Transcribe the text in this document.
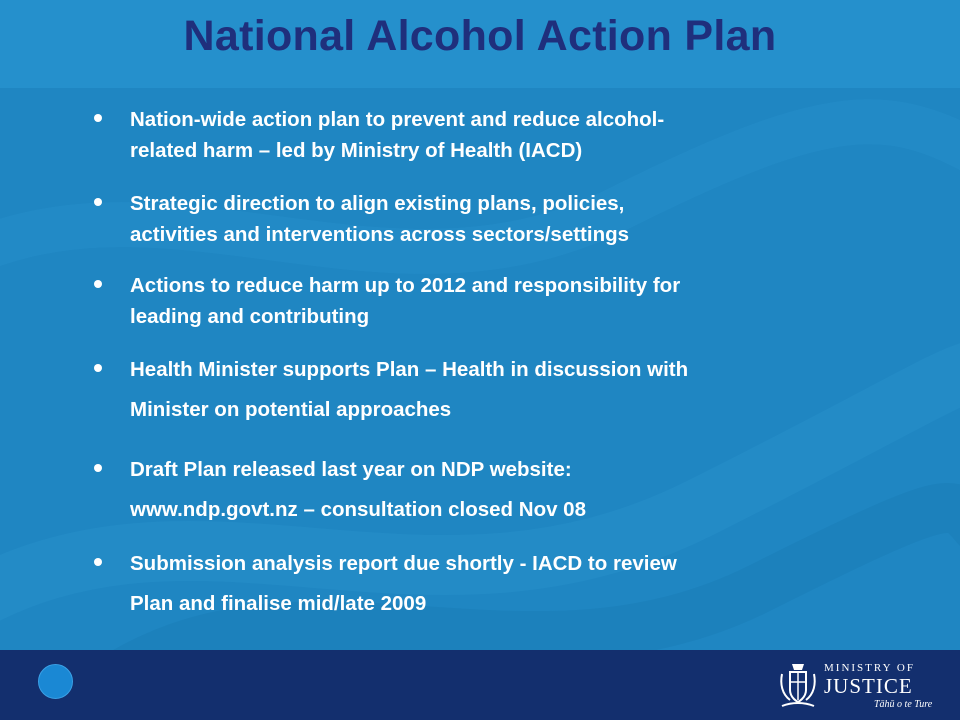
National Alcohol Action Plan
Nation-wide action plan to prevent and reduce alcohol-
related harm – led by Ministry of Health (IACD)
Strategic direction to align existing plans, policies,
activities and interventions across sectors/settings
Actions to reduce harm up to 2012 and responsibility for
leading and contributing
Health Minister supports Plan – Health in discussion with
Minister on potential approaches
Draft Plan released last year on NDP website:
www.ndp.govt.nz – consultation closed Nov 08
Submission analysis report due shortly - IACD to review
Plan and finalise mid/late 2009
MINISTRY OF
JUSTICE
Tāhū o te Ture
